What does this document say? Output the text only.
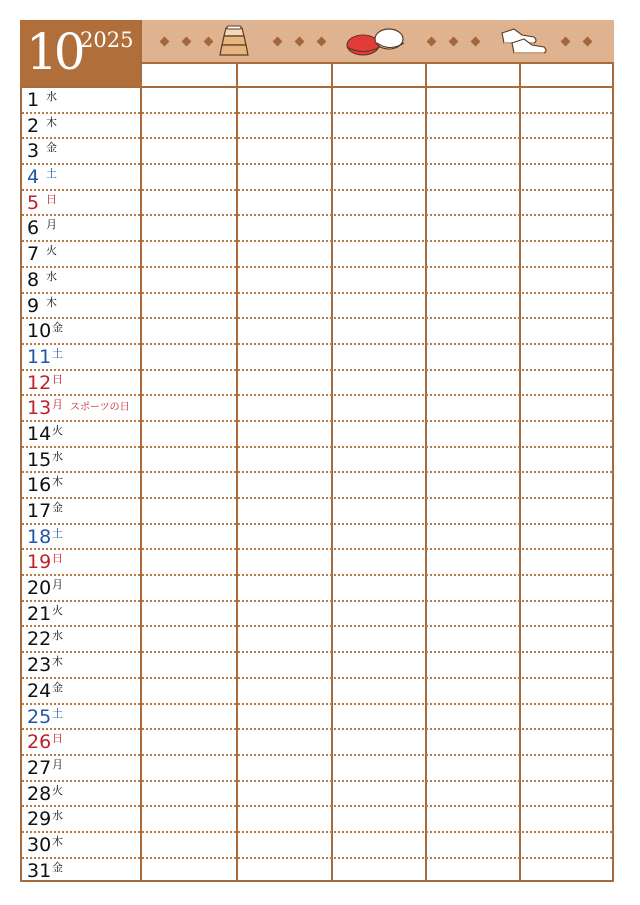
10
2025
1 水
2 木
3 金
4 土
5 日
6 月
7 火
8 水
9 木
10 金
11 土
12 日
13 月 スポーツの日
14 火
15 水
16 木
17 金
18 土
19 日
20 月
21 火
22 水
23 木
24 金
25 土
26 日
27 月
28 火
29 水
30 木
31 金
